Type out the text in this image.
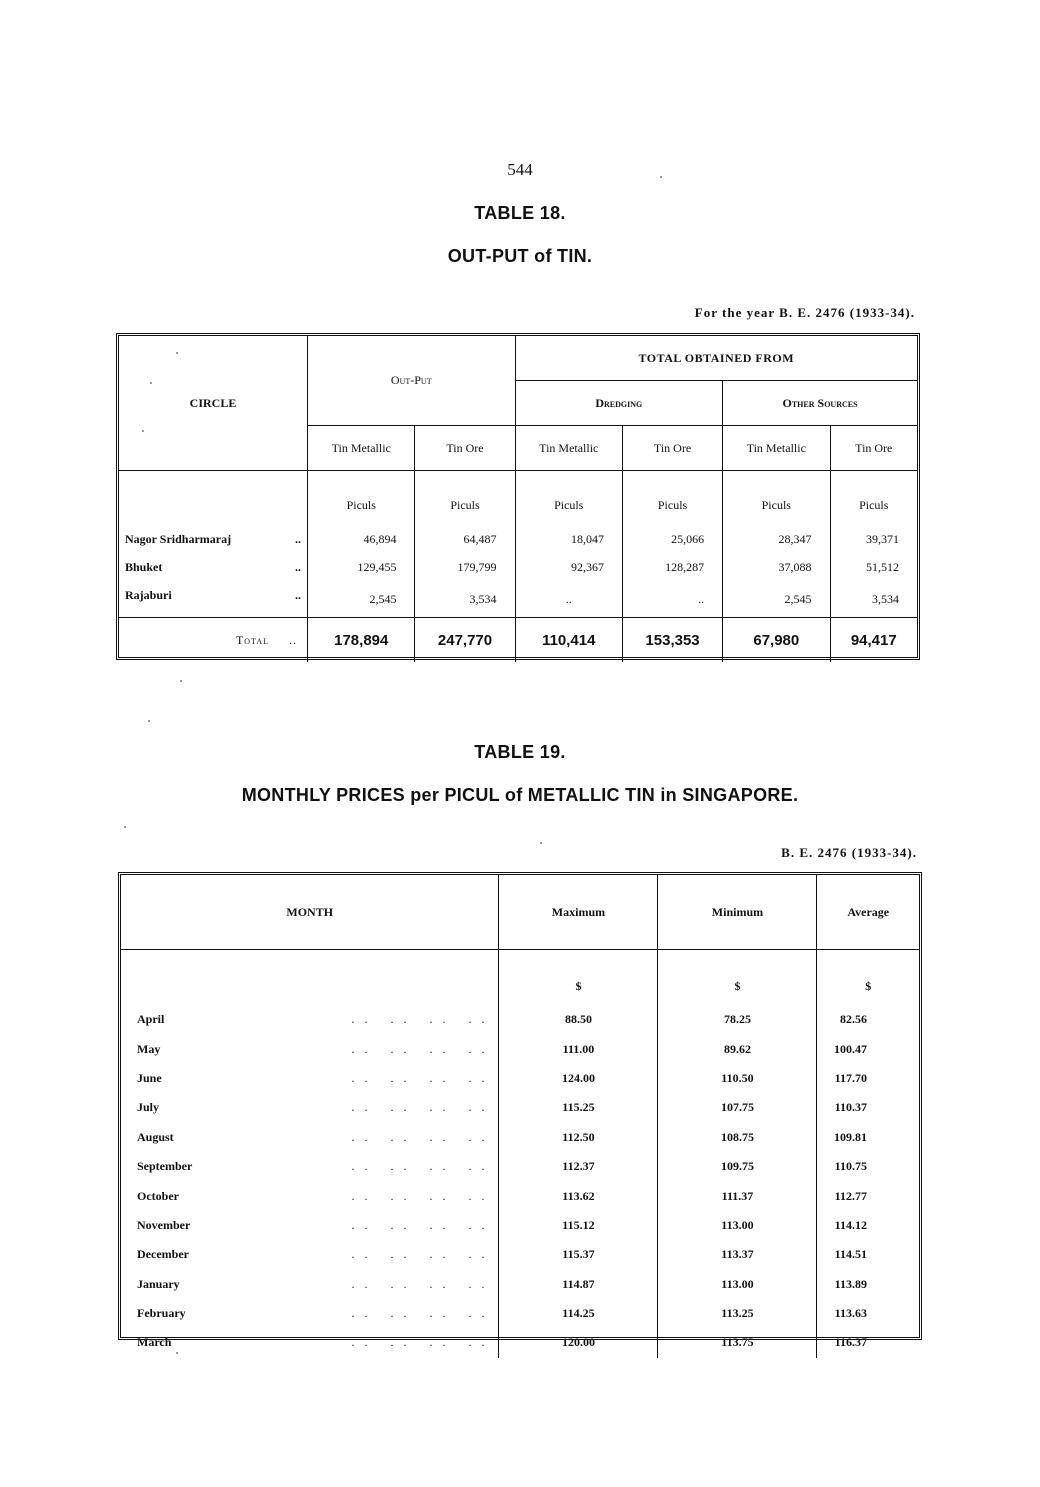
544
TABLE 18.
OUT-PUT of TIN.
For the year B. E. 2476 (1933-34).
CIRCLE	Out-Put		TOTAL OBTAINED FROM			
			Dredging		Other Sources	
	Tin Metallic	Tin Ore	Tin Metallic	Tin Ore	Tin Metallic	Tin Ore
	Piculs	Piculs	Piculs	Piculs	Piculs	Piculs
Nagor Sridharmaraj ..	46,894	64,487	18,047	25,066	28,347	39,371
Bhuket ..	129,455	179,799	92,367	128,287	37,088	51,512
Rajaburi ..	2,545	3,534	..	..	2,545	3,534
Total ..	178,894	247,770	110,414	153,353	67,980	94,417
TABLE 19.
MONTHLY PRICES per PICUL of METALLIC TIN in SINGAPORE.
B. E. 2476 (1933-34).
MONTH		Maximum	Minimum	Average
		$	$	$
April	.. .. .. ..	88.50	78.25	82.56
May	.. .. .. ..	111.00	89.62	100.47
June	.. .. .. ..	124.00	110.50	117.70
July	.. .. .. ..	115.25	107.75	110.37
August	.. .. .. ..	112.50	108.75	109.81
September	.. .. .. ..	112.37	109.75	110.75
October	.. .. .. ..	113.62	111.37	112.77
November	.. .. .. ..	115.12	113.00	114.12
December	.. .. .. ..	115.37	113.37	114.51
January	.. .. .. ..	114.87	113.00	113.89
February	.. .. .. ..	114.25	113.25	113.63
March	.. .. .. ..	120.00	113.75	116.37
